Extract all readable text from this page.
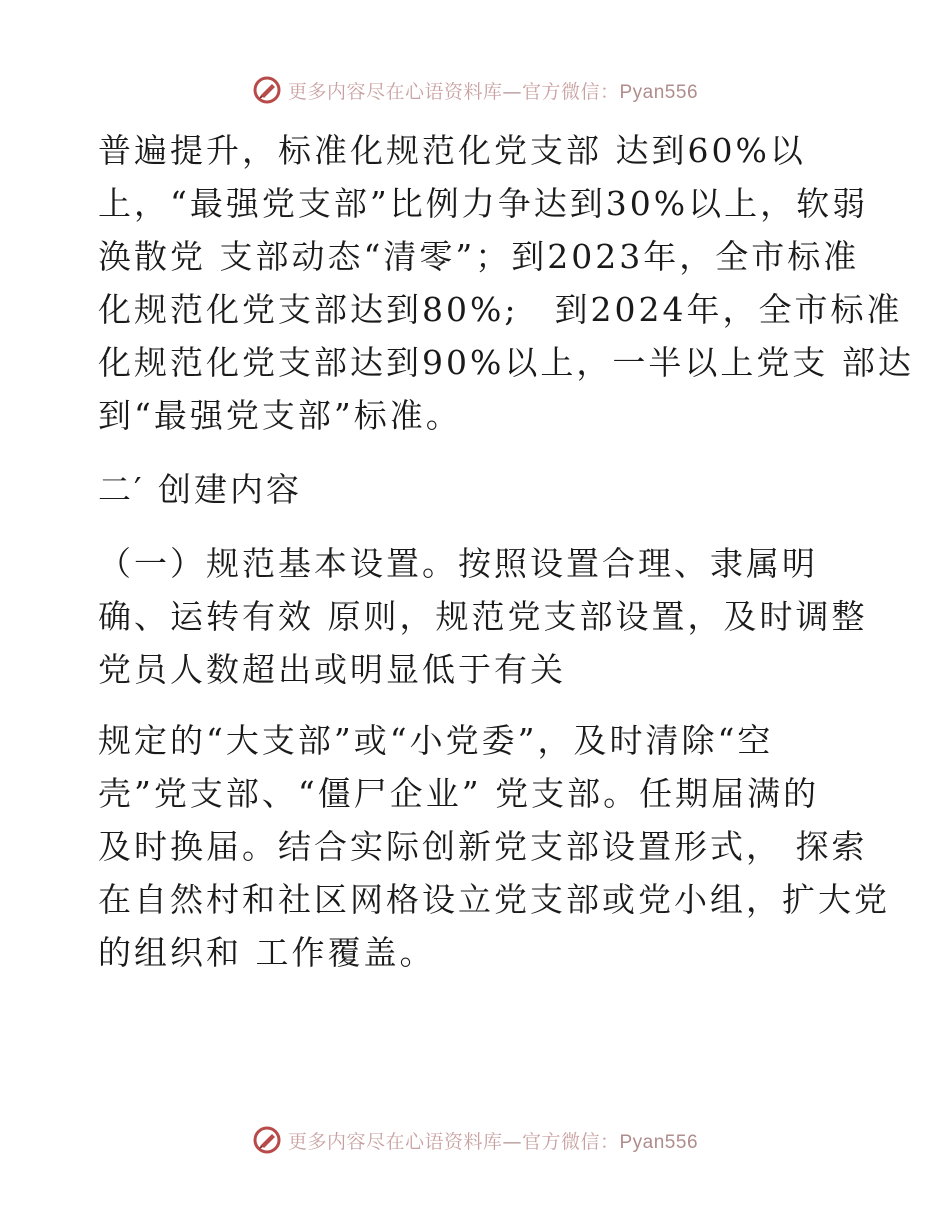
更多内容尽在心语资料库—官方微信：Pyan556
普遍提升，标准化规范化党支部 达到60%以
上，“最强党支部”比例力争达到30%以上，软弱
涣散党 支部动态“清零”；到2023年，全市标准
化规范化党支部达到80%;　到2024年，全市标准
化规范化党支部达到90%以上，一半以上党支 部达
到“最强党支部”标准。
二′ 创建内容
（一）规范基本设置。按照设置合理、隶属明
确、运转有效 原则，规范党支部设置，及时调整
党员人数超出或明显低于有关
规定的“大支部”或“小党委”，及时清除“空
壳”党支部、“僵尸企业” 党支部。任期届满的
及时换届。结合实际创新党支部设置形式， 探索
在自然村和社区网格设立党支部或党小组，扩大党
的组织和 工作覆盖。
更多内容尽在心语资料库—官方微信：Pyan556
